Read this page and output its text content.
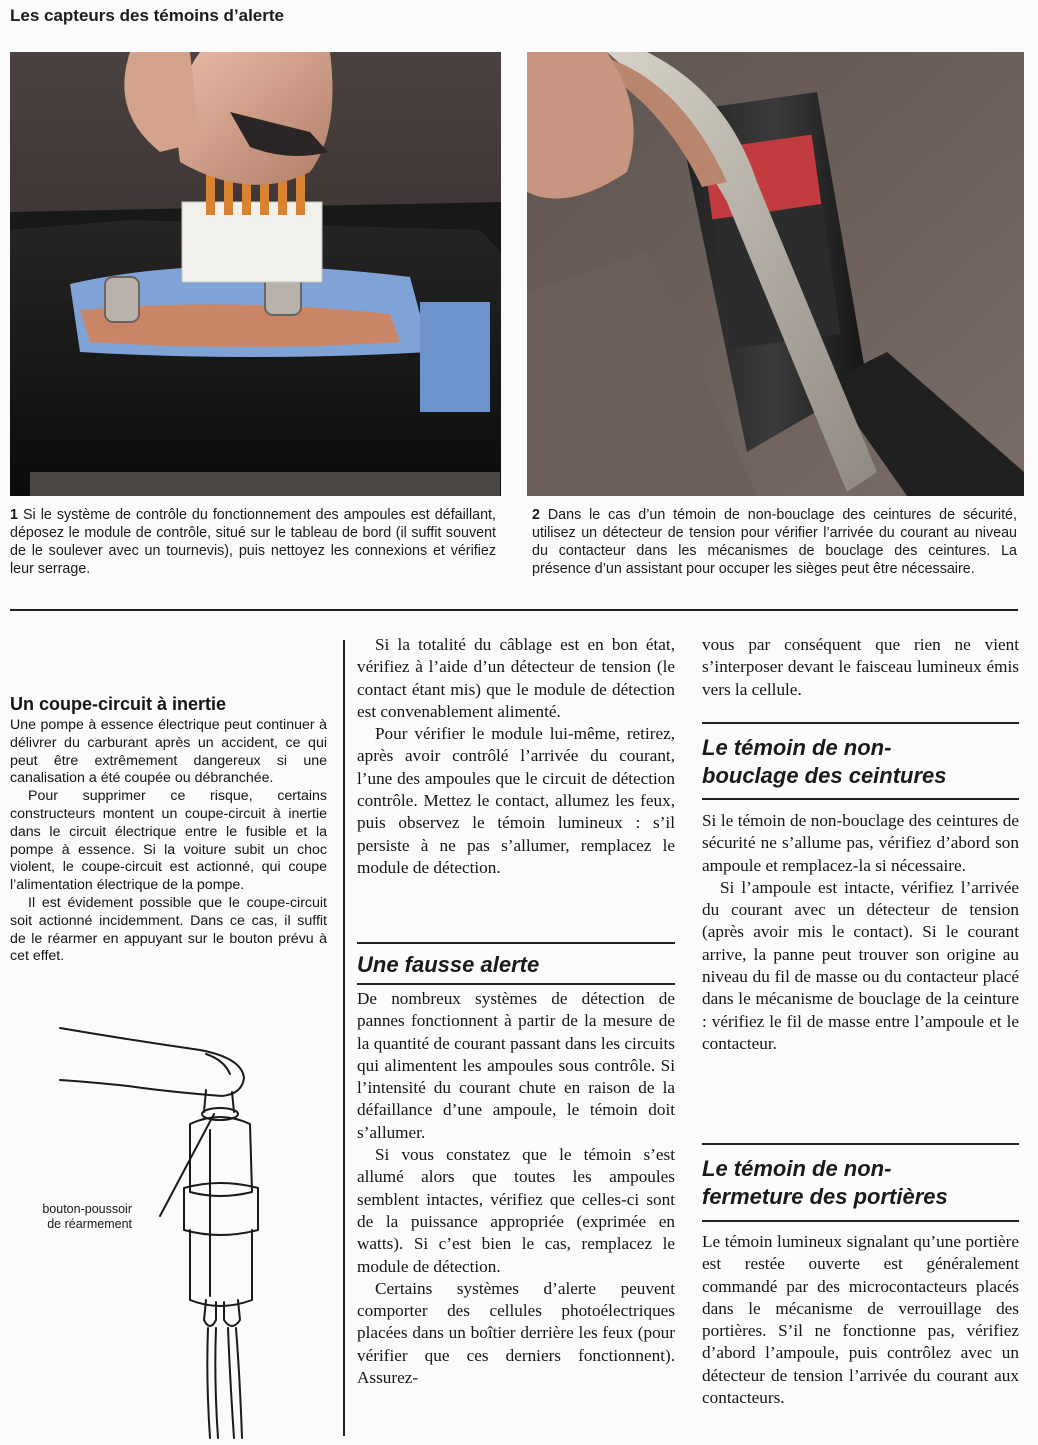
Les capteurs des témoins d’alerte
1 Si le système de contrôle du fonctionnement des ampoules est défaillant, déposez le module de contrôle, situé sur le tableau de bord (il suffit souvent de le soulever avec un tournevis), puis nettoyez les connexions et vérifiez leur serrage.
2 Dans le cas d’un témoin de non-bouclage des ceintures de sécurité, utilisez un détecteur de tension pour vérifier l’arrivée du courant au niveau du contacteur dans les mécanismes de bouclage des ceintures. La présence d’un assistant pour occuper les sièges peut être nécessaire.
Un coupe-circuit à inertie

Une pompe à essence électrique peut continuer à délivrer du carburant après un accident, ce qui peut être extrêmement dangereux si une canalisation a été coupée ou débranchée.

Pour supprimer ce risque, certains constructeurs montent un coupe-circuit à inertie dans le circuit électrique entre le fusible et la pompe à essence. Si la voiture subit un choc violent, le coupe-circuit est actionné, qui coupe l’alimentation électrique de la pompe.

Il est évidement possible que le coupe-circuit soit actionné incidemment. Dans ce cas, il suffit de le réarmer en appuyant sur le bouton prévu à cet effet.

bouton-poussoir
de réarmement

Si la totalité du câblage est en bon état, vérifiez à l’aide d’un détecteur de tension (le contact étant mis) que le module de détection est convenablement alimenté.

Pour vérifier le module lui-même, retirez, après avoir contrôlé l’arrivée du courant, l’une des ampoules que le circuit de détection contrôle. Mettez le contact, allumez les feux, puis observez le témoin lumineux : s’il persiste à ne pas s’allumer, remplacez le module de détection.

Une fausse alerte

De nombreux systèmes de détection de pannes fonctionnent à partir de la mesure de la quantité de courant passant dans les circuits qui alimentent les ampoules sous contrôle. Si l’intensité du courant chute en raison de la défaillance d’une ampoule, le témoin doit s’allumer.

Si vous constatez que le témoin s’est allumé alors que toutes les ampoules semblent intactes, vérifiez que celles-ci sont de la puissance appropriée (exprimée en watts). Si c’est bien le cas, remplacez le module de détection.

Certains systèmes d’alerte peuvent comporter des cellules photoélectriques placées dans un boîtier derrière les feux (pour vérifier que ces derniers fonctionnent). Assurez-

vous par conséquent que rien ne vient s’interposer devant le faisceau lumineux émis vers la cellule.

Le témoin de non-
bouclage des ceintures

Si le témoin de non-bouclage des ceintures de sécurité ne s’allume pas, vérifiez d’abord son ampoule et remplacez-la si nécessaire.

Si l’ampoule est intacte, vérifiez l’arrivée du courant avec un détecteur de tension (après avoir mis le contact). Si le courant arrive, la panne peut trouver son origine au niveau du fil de masse ou du contacteur placé dans le mécanisme de bouclage de la ceinture : vérifiez le fil de masse entre l’ampoule et le contacteur.

Le témoin de non-
fermeture des portières

Le témoin lumineux signalant qu’une portière est restée ouverte est généralement commandé par des microcontacteurs placés dans le mécanisme de verrouillage des portières. S’il ne fonctionne pas, vérifiez d’abord l’ampoule, puis contrôlez avec un détecteur de tension l’arrivée du courant aux contacteurs.
